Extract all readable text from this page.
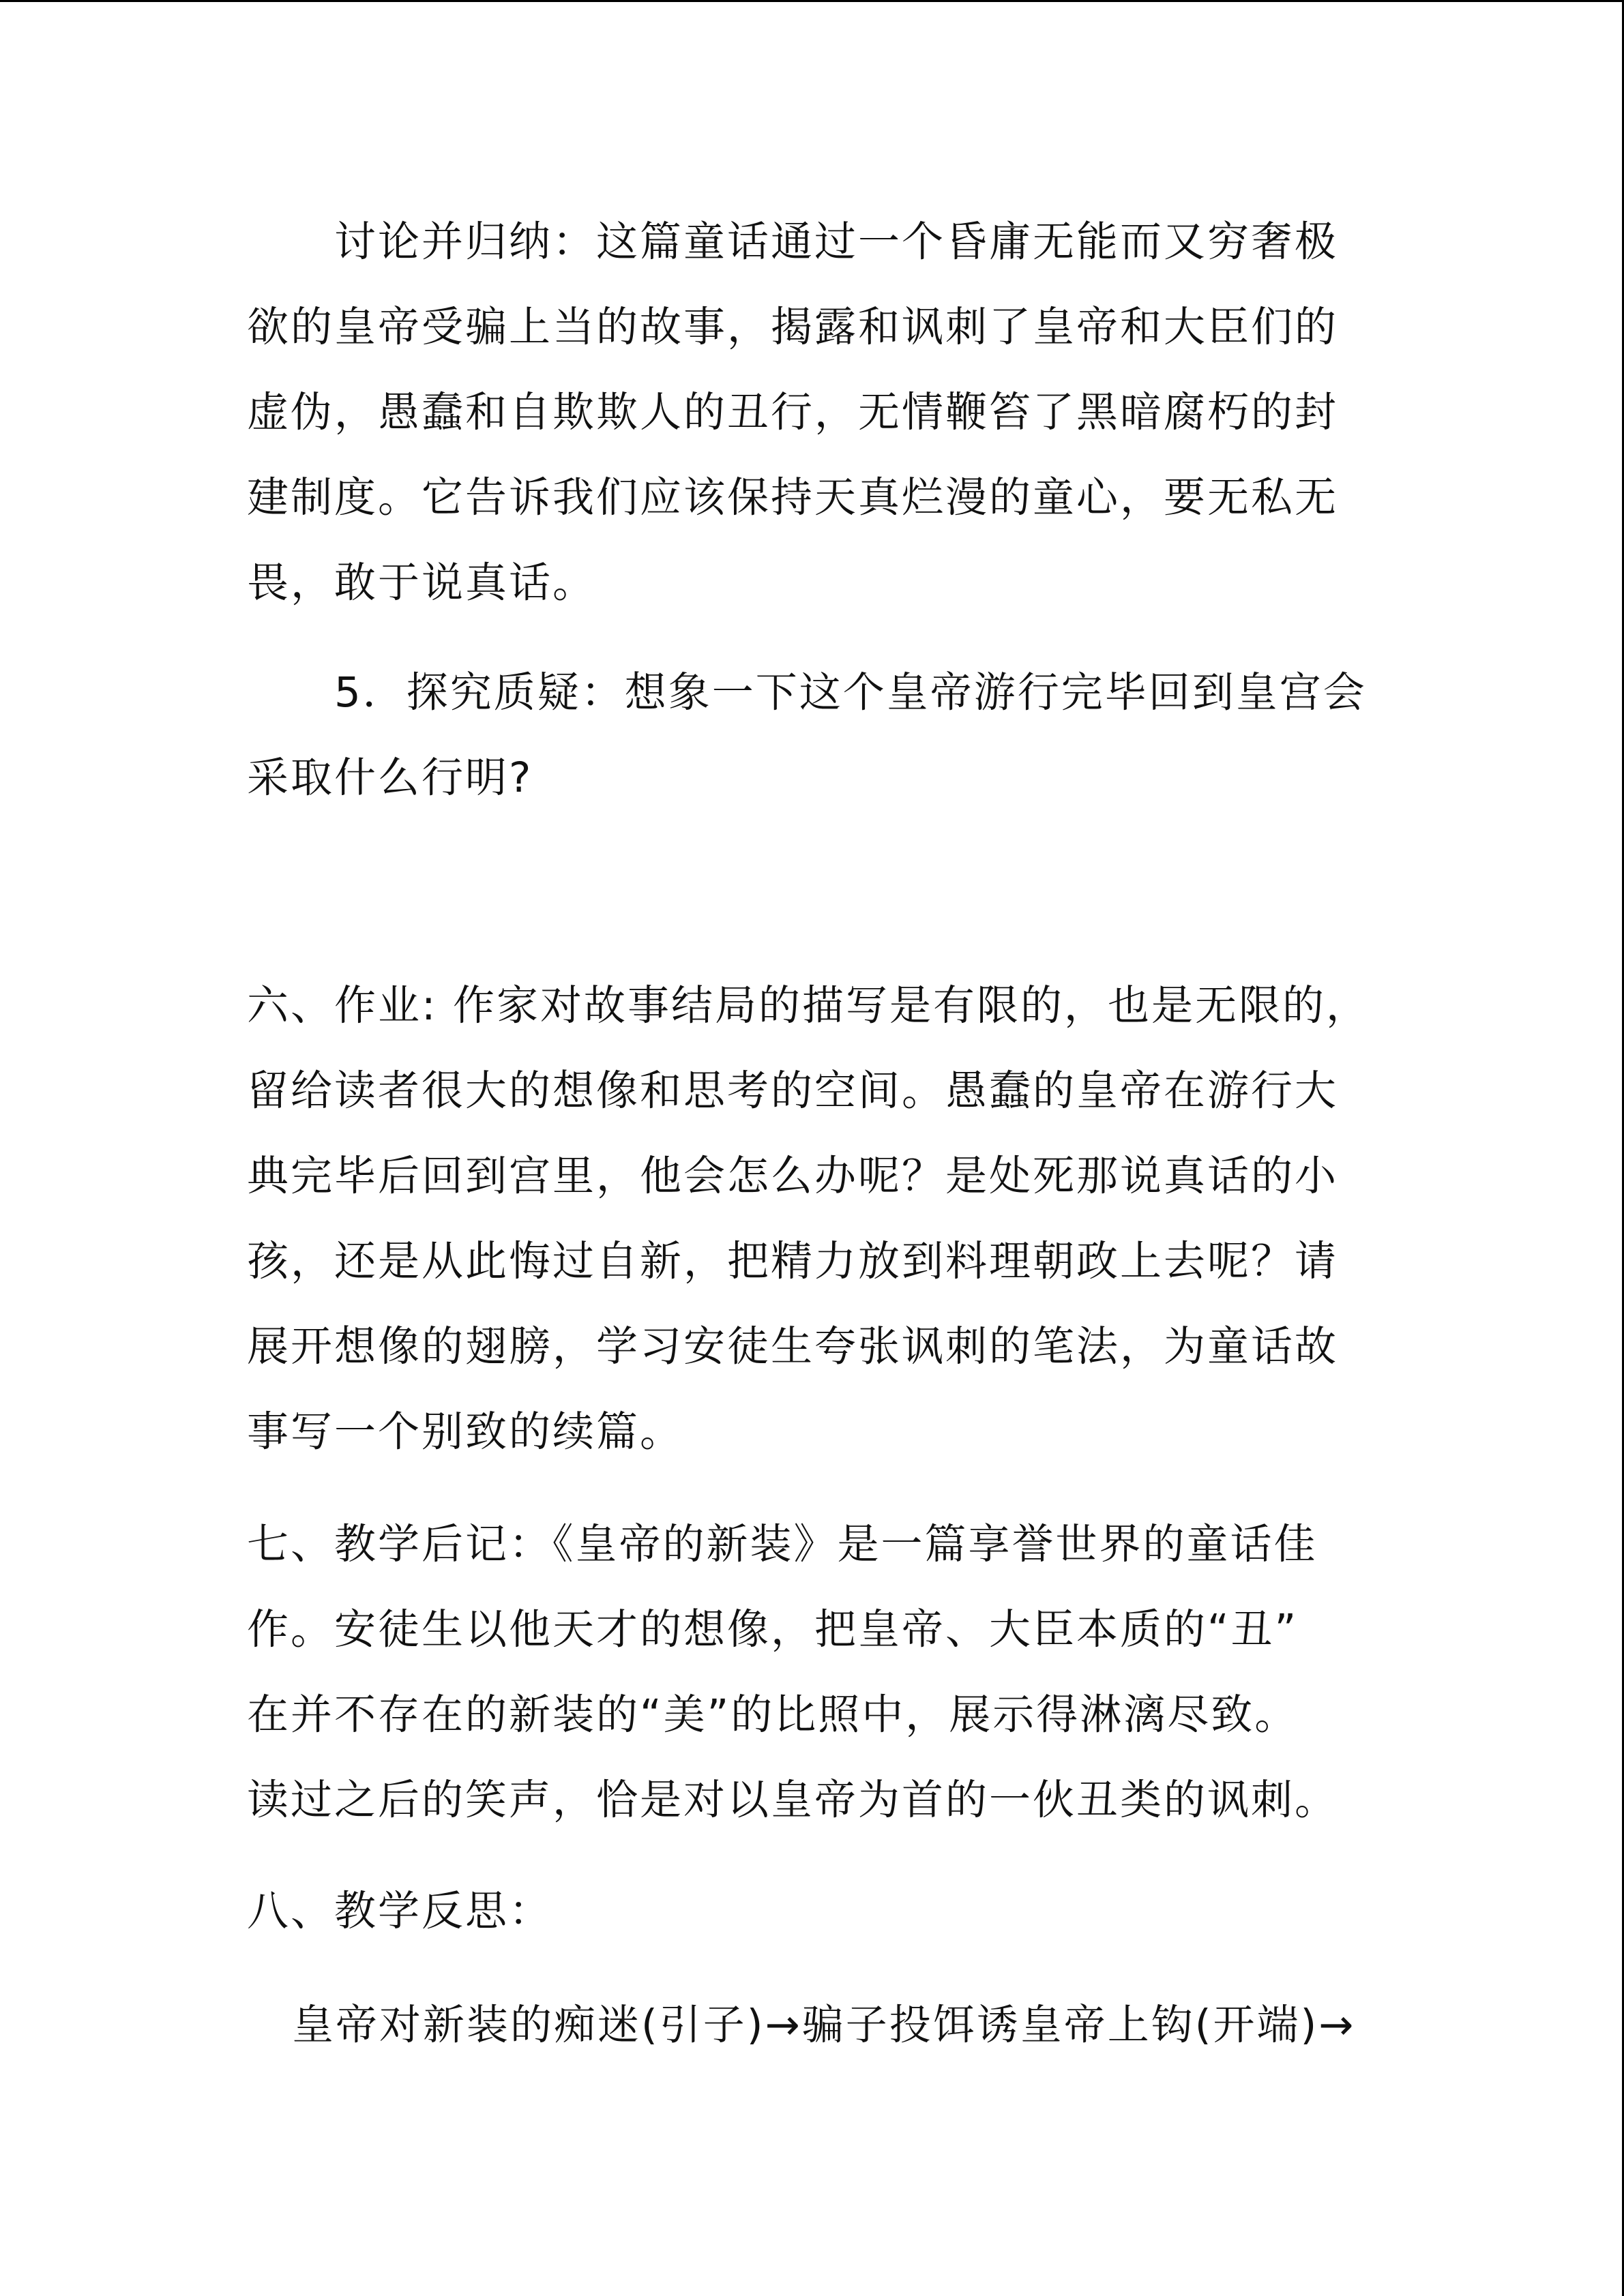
讨论并归纳：这篇童话通过一个昏庸无能而又穷奢极
欲的皇帝受骗上当的故事，揭露和讽刺了皇帝和大臣们的
虚伪，愚蠢和自欺欺人的丑行，无情鞭笞了黑暗腐朽的封
建制度。它告诉我们应该保持天真烂漫的童心，要无私无
畏，敢于说真话。
5．探究质疑：想象一下这个皇帝游行完毕回到皇宫会
采取什么行明?
六、作业: 作家对故事结局的描写是有限的，也是无限的，
留给读者很大的想像和思考的空间。愚蠢的皇帝在游行大
典完毕后回到宫里，他会怎么办呢？是处死那说真话的小
孩，还是从此悔过自新，把精力放到料理朝政上去呢？请
展开想像的翅膀，学习安徒生夸张讽刺的笔法，为童话故
事写一个别致的续篇。
七、教学后记：《皇帝的新装》是一篇享誉世界的童话佳
作。安徒生以他天才的想像，把皇帝、大臣本质的“丑”
在并不存在的新装的“美”的比照中，展示得淋漓尽致。
读过之后的笑声，恰是对以皇帝为首的一伙丑类的讽刺。
八、教学反思：
皇帝对新装的痴迷(引子)→骗子投饵诱皇帝上钩(开端)→
